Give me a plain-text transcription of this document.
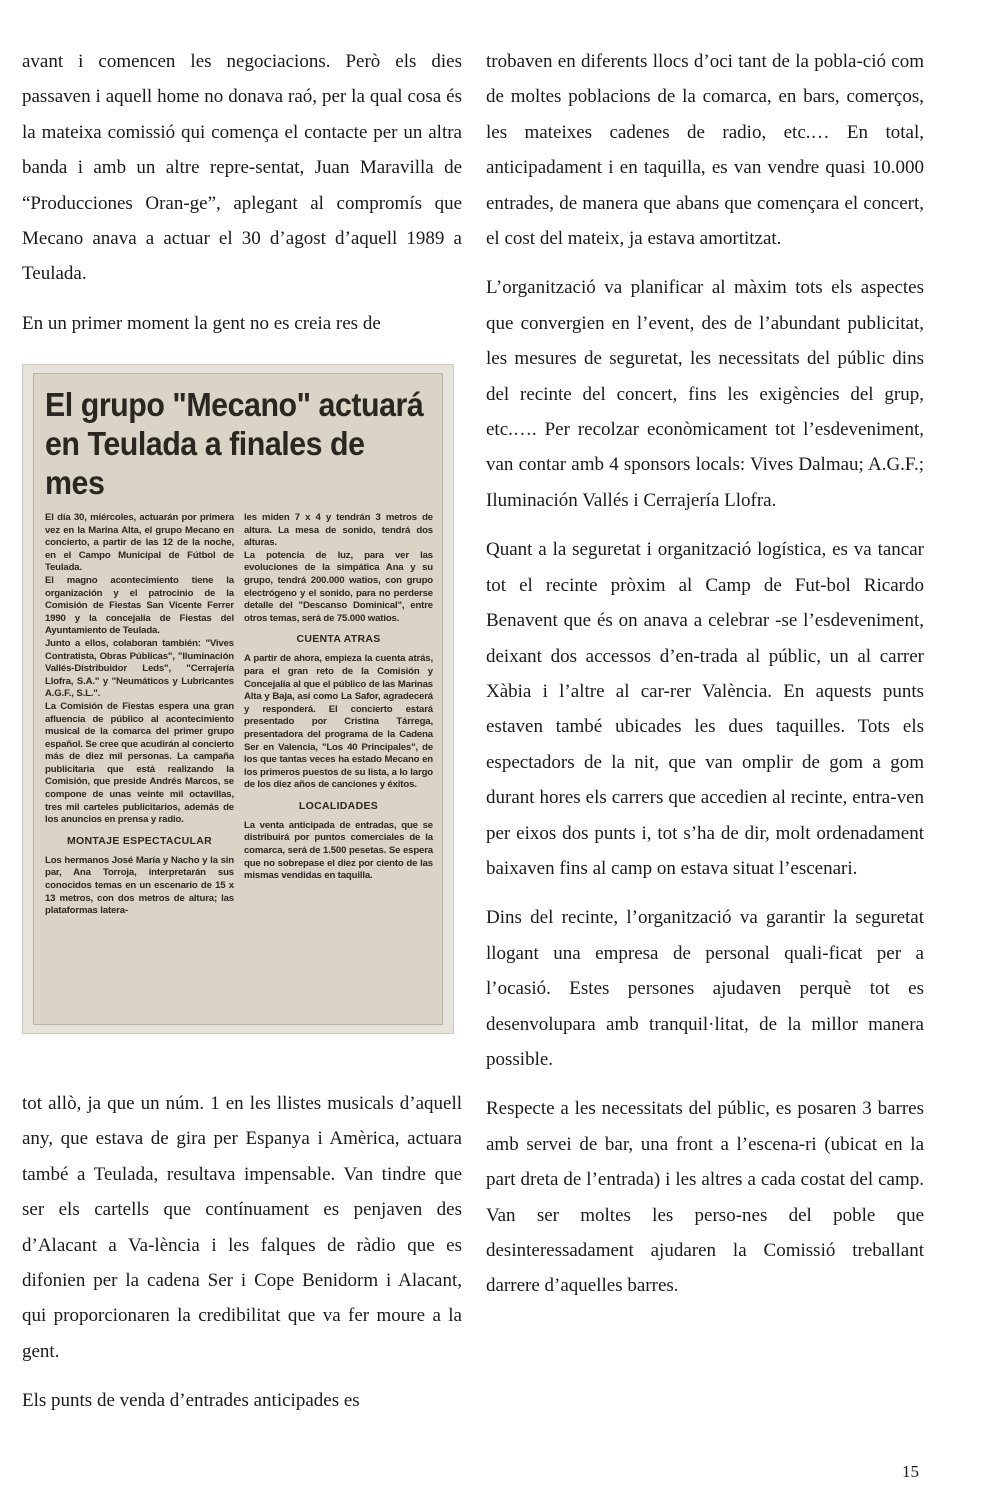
avant i comencen les negociacions. Però els dies passaven i aquell home no donava raó, per la qual cosa és la mateixa comissió qui comença el contacte per un altra banda i amb un altre repre-sentat, Juan Maravilla de “Producciones Oran-ge”, aplegant al compromís que Mecano anava a actuar el 30 d’agost d’aquell 1989 a Teulada.

En un primer moment la gent no es creia res de

El grupo "Mecano" actuará en Teulada a finales de mes

El día 30, miércoles, actuarán por primera vez en la Marina Alta, el grupo Mecano en concierto, a partir de las 12 de la noche, en el Campo Municipal de Fútbol de Teulada.

El magno acontecimiento tiene la organización y el patrocinio de la Comisión de Fiestas San Vicente Ferrer 1990 y la concejalía de Fiestas del Ayuntamiento de Teulada.

Junto a ellos, colaboran también: "Vives Contratista, Obras Públicas", "Iluminación Vallés-Distribuidor Leds", "Cerrajería Llofra, S.A." y "Neumáticos y Lubricantes A.G.F., S.L.".

La Comisión de Fiestas espera una gran afluencia de público al acontecimiento musical de la comarca del primer grupo español. Se cree que acudirán al concierto más de diez mil personas. La campaña publicitaria que está realizando la Comisión, que preside Andrés Marcos, se compone de unas veinte mil octavillas, tres mil carteles publicitarios, además de los anuncios en prensa y radio.

MONTAJE ESPECTACULAR

Los hermanos José María y Nacho y la sin par, Ana Torroja, interpretarán sus conocidos temas en un escenario de 15 x 13 metros, con dos metros de altura; las plataformas latera-

les miden 7 x 4 y tendrán 3 metros de altura. La mesa de sonido, tendrá dos alturas.

La potencia de luz, para ver las evoluciones de la simpática Ana y su grupo, tendrá 200.000 watios, con grupo electrógeno y el sonido, para no perderse detalle del "Descanso Dominical", entre otros temas, será de 75.000 watios.

CUENTA ATRAS

A partir de ahora, empieza la cuenta atrás, para el gran reto de la Comisión y Concejalía al que el público de las Marinas Alta y Baja, así como La Safor, agradecerá y responderá. El concierto estará presentado por Cristina Tárrega, presentadora del programa de la Cadena Ser en Valencia, "Los 40 Principales", de los que tantas veces ha estado Mecano en los primeros puestos de su lista, a lo largo de los diez años de canciones y éxitos.

LOCALIDADES

La venta anticipada de entradas, que se distribuirá por puntos comerciales de la comarca, será de 1.500 pesetas. Se espera que no sobrepase el diez por ciento de las mismas vendidas en taquilla.

tot allò, ja que un núm. 1 en les llistes musicals d’aquell any, que estava de gira per Espanya i Amèrica, actuara també a Teulada, resultava impensable. Van tindre que ser els cartells que contínuament es penjaven des d’Alacant a Va-lència i les falques de ràdio que es difonien per la cadena Ser i Cope Benidorm i Alacant, qui proporcionaren la credibilitat que va fer moure a la gent.

Els punts de venda d’entrades anticipades es

trobaven en diferents llocs d’oci tant de la pobla-ció com de moltes poblacions de la comarca, en bars, comerços, les mateixes cadenes de radio, etc.… En total, anticipadament i en taquilla, es van vendre quasi 10.000 entrades, de manera que abans que començara el concert, el cost del mateix, ja estava amortitzat.

L’organització va planificar al màxim tots els aspectes que convergien en l’event, des de l’abundant publicitat, les mesures de seguretat, les necessitats del públic dins del recinte del concert, fins les exigències del grup, etc.…. Per recolzar econòmicament tot l’esdeveniment, van contar amb 4 sponsors locals: Vives Dalmau; A.G.F.; Iluminación Vallés i Cerrajería Llofra.

Quant a la seguretat i organització logística, es va tancar tot el recinte pròxim al Camp de Fut-bol Ricardo Benavent que és on anava a celebrar -se l’esdeveniment, deixant dos accessos d’en-trada al públic, un al carrer Xàbia i l’altre al car-rer València. En aquests punts estaven també ubicades les dues taquilles. Tots els espectadors de la nit, que van omplir de gom a gom durant hores els carrers que accedien al recinte, entra-ven per eixos dos punts i, tot s’ha de dir, molt ordenadament baixaven fins al camp on estava situat l’escenari.

Dins del recinte, l’organització va garantir la seguretat llogant una empresa de personal quali-ficat per a l’ocasió. Estes persones ajudaven perquè tot es desenvolupara amb tranquil·litat, de la millor manera possible.

Respecte a les necessitats del públic, es posaren 3 barres amb servei de bar, una front a l’escena-ri (ubicat en la part dreta de l’entrada) i les altres a cada costat del camp. Van ser moltes les perso-nes del poble que desinteressadament ajudaren la Comissió treballant darrere d’aquelles barres.

15
